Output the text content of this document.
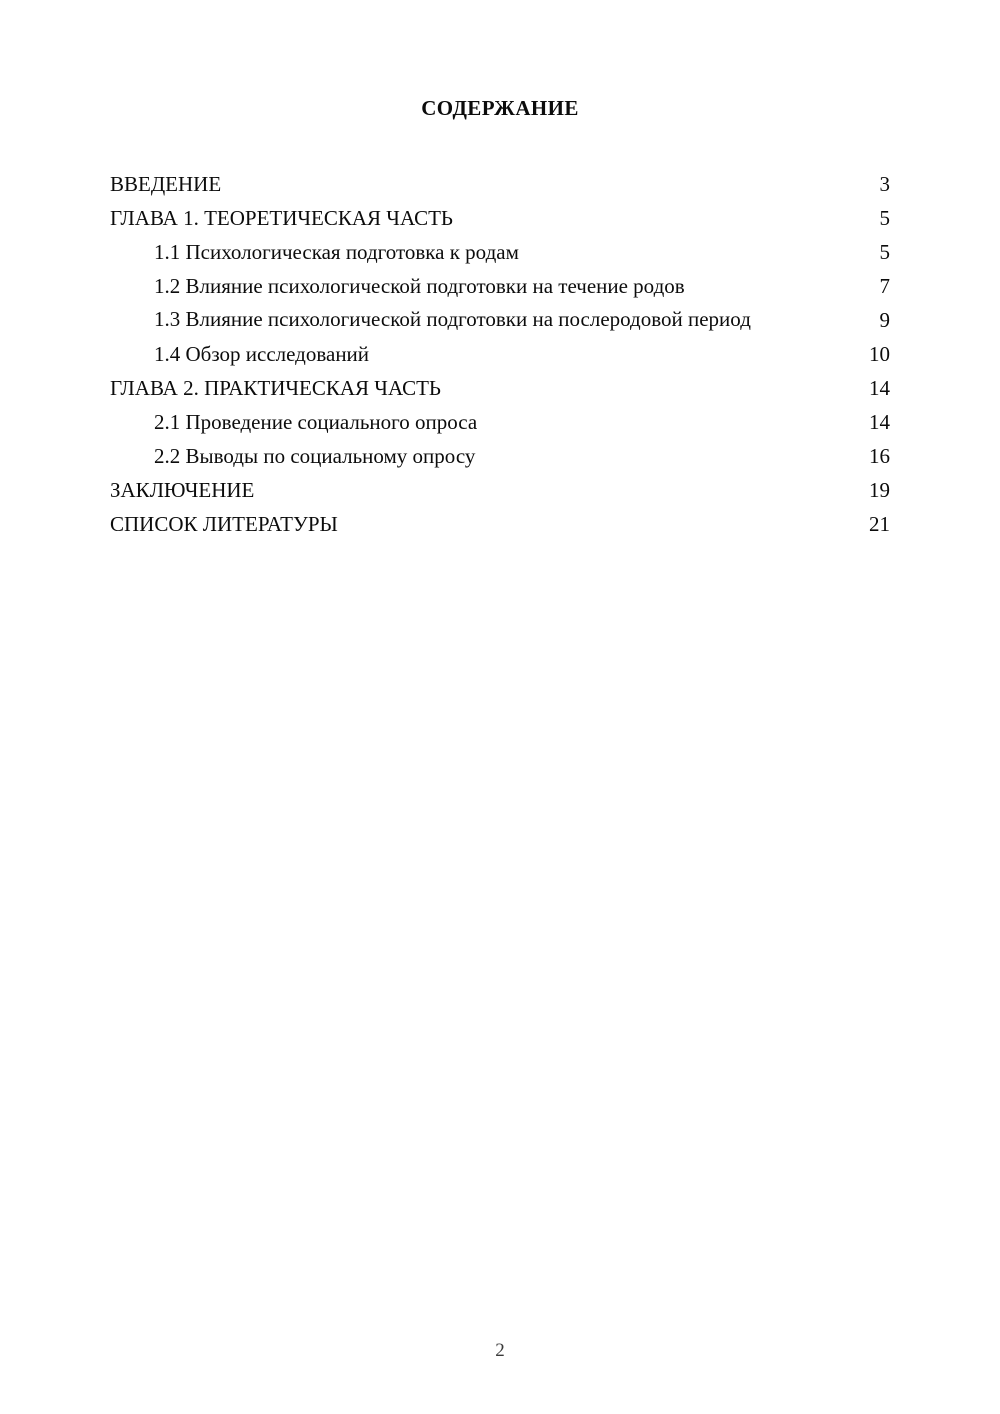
СОДЕРЖАНИЕ
ВВЕДЕНИЕ	3
ГЛАВА 1. ТЕОРЕТИЧЕСКАЯ ЧАСТЬ	5
1.1 Психологическая подготовка к родам	5
1.2 Влияние психологической подготовки на течение родов	7
1.3 Влияние психологической подготовки на послеродовой период	9
1.4 Обзор исследований	10
ГЛАВА 2. ПРАКТИЧЕСКАЯ ЧАСТЬ	14
2.1 Проведение социального опроса	14
2.2 Выводы по социальному опросу	16
ЗАКЛЮЧЕНИЕ	19
СПИСОК ЛИТЕРАТУРЫ	21
2
